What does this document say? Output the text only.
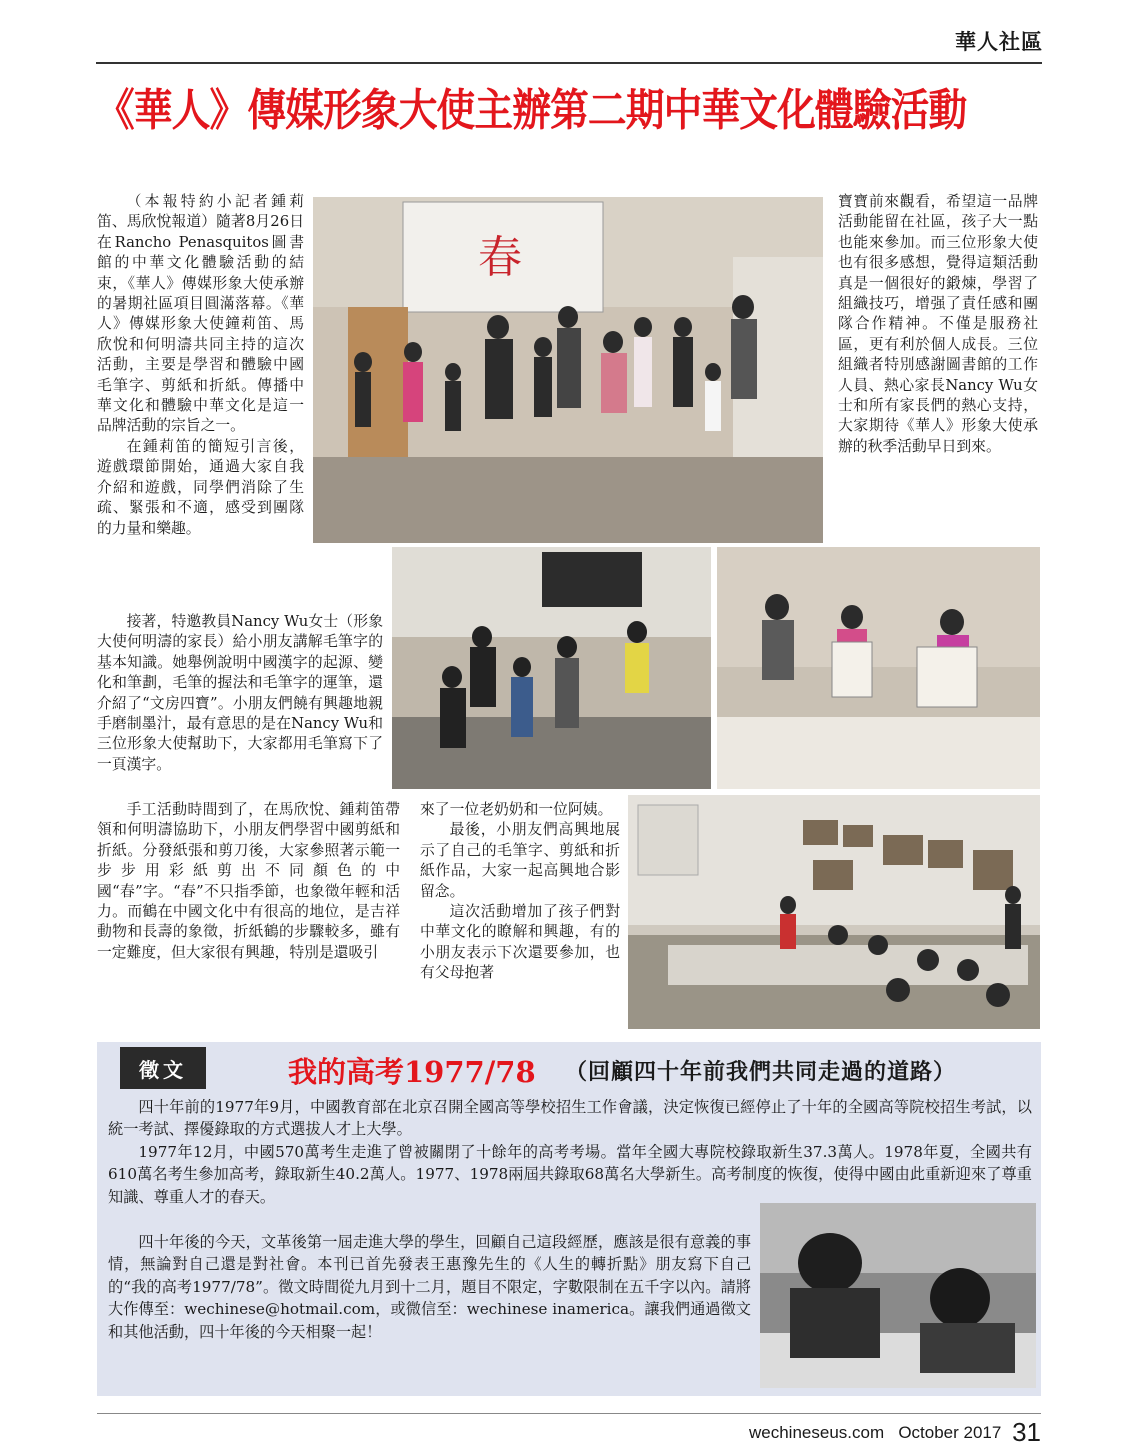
華人社區
《華人》傳媒形象大使主辦第二期中華文化體驗活動

（本報特約小記者鍾莉笛、馬欣悅報道）隨著8月26日在Rancho Penasquitos圖書館的中華文化體驗活動的結束，《華人》傳媒形象大使承辦的暑期社區項目圓滿落幕。《華人》傳媒形象大使鐘莉笛、馬欣悅和何明濤共同主持的這次活動，主要是學習和體驗中國毛筆字、剪紙和折紙。傳播中華文化和體驗中華文化是這一品牌活動的宗旨之一。

在鍾莉笛的簡短引言後，遊戲環節開始，通過大家自我介紹和遊戲，同學們消除了生疏、緊張和不適，感受到團隊的力量和樂趣。

春

寶寶前來觀看，希望這一品牌活動能留在社區，孩子大一點也能來參加。而三位形象大使也有很多感想，覺得這類活動真是一個很好的鍛煉，學習了組織技巧，增强了責任感和團隊合作精神。不僅是服務社區，更有利於個人成長。三位組織者特別感謝圖書館的工作人員、熱心家長Nancy Wu女士和所有家長們的熱心支持，大家期待《華人》形象大使承辦的秋季活動早日到來。

接著，特邀教員Nancy Wu女士（形象大使何明濤的家長）給小朋友講解毛筆字的基本知識。她舉例說明中國漢字的起源、變化和筆劃，毛筆的握法和毛筆字的運筆，還介紹了“文房四寶”。小朋友們饒有興趣地親手磨制墨汁，最有意思的是在Nancy Wu和三位形象大使幫助下，大家都用毛筆寫下了一頁漢字。

手工活動時間到了，在馬欣悅、鍾莉笛帶領和何明濤協助下，小朋友們學習中國剪紙和折紙。分發紙張和剪刀後，大家參照著示範一步步用彩紙剪出不同顏色的中國“春”字。“春”不只指季節，也象徵年輕和活力。而鶴在中國文化中有很高的地位，是吉祥動物和長壽的象徵，折紙鶴的步驟較多，雖有一定難度，但大家很有興趣，特別是還吸引

來了一位老奶奶和一位阿姨。

最後，小朋友們高興地展示了自己的毛筆字、剪紙和折紙作品，大家一起高興地合影留念。

這次活動增加了孩子們對中華文化的瞭解和興趣，有的小朋友表示下次還要參加，也有父母抱著

徵文	我的高考1977/78 （回顧四十年前我們共同走過的道路）

四十年前的1977年9月，中國教育部在北京召開全國高等學校招生工作會議，決定恢復已經停止了十年的全國高等院校招生考試，以統一考試、擇優錄取的方式選拔人才上大學。

1977年12月，中國570萬考生走進了曾被關閉了十餘年的高考考場。當年全國大專院校錄取新生37.3萬人。1978年夏，全國共有610萬名考生參加高考，錄取新生40.2萬人。1977、1978兩屆共錄取68萬名大學新生。高考制度的恢復，使得中國由此重新迎來了尊重知識、尊重人才的春天。

四十年後的今天，文革後第一屆走進大學的學生，回顧自己這段經歷，應該是很有意義的事情，無論對自己還是對社會。本刊已首先發表王惠豫先生的《人生的轉折點》朋友寫下自己的“我的高考1977/78”。徵文時間從九月到十二月，題目不限定，字數限制在五千字以內。請將大作傳至：wechinese@hotmail.com，或微信至：wechinese inamerica。讓我們通過徵文和其他活動，四十年後的今天相聚一起！

wechineseus.com October 2017 31
